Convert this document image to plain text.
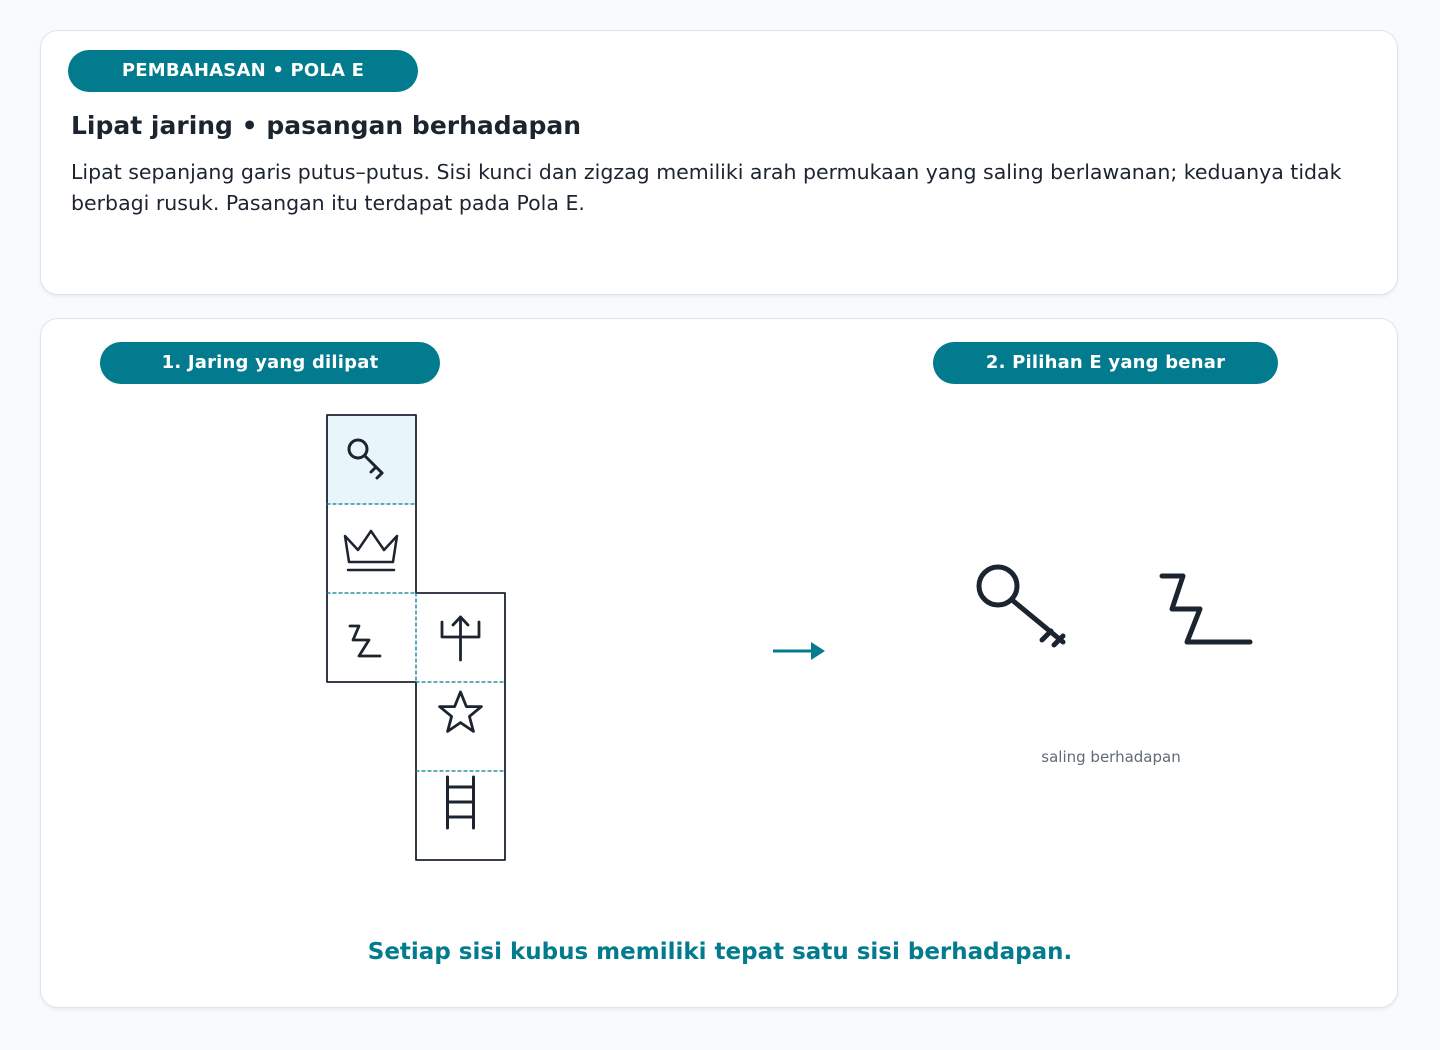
PEMBAHASAN • POLA E
Lipat jaring • pasangan berhadapan

Lipat sepanjang garis putus–putus. Sisi kunci dan zigzag memiliki arah permukaan yang saling berlawanan; keduanya tidak berbagi rusuk. Pasangan itu terdapat pada Pola E.

1. Jaring yang dilipat	2. Pilihan E yang benar
saling berhadapan

Setiap sisi kubus memiliki tepat satu sisi berhadapan.
